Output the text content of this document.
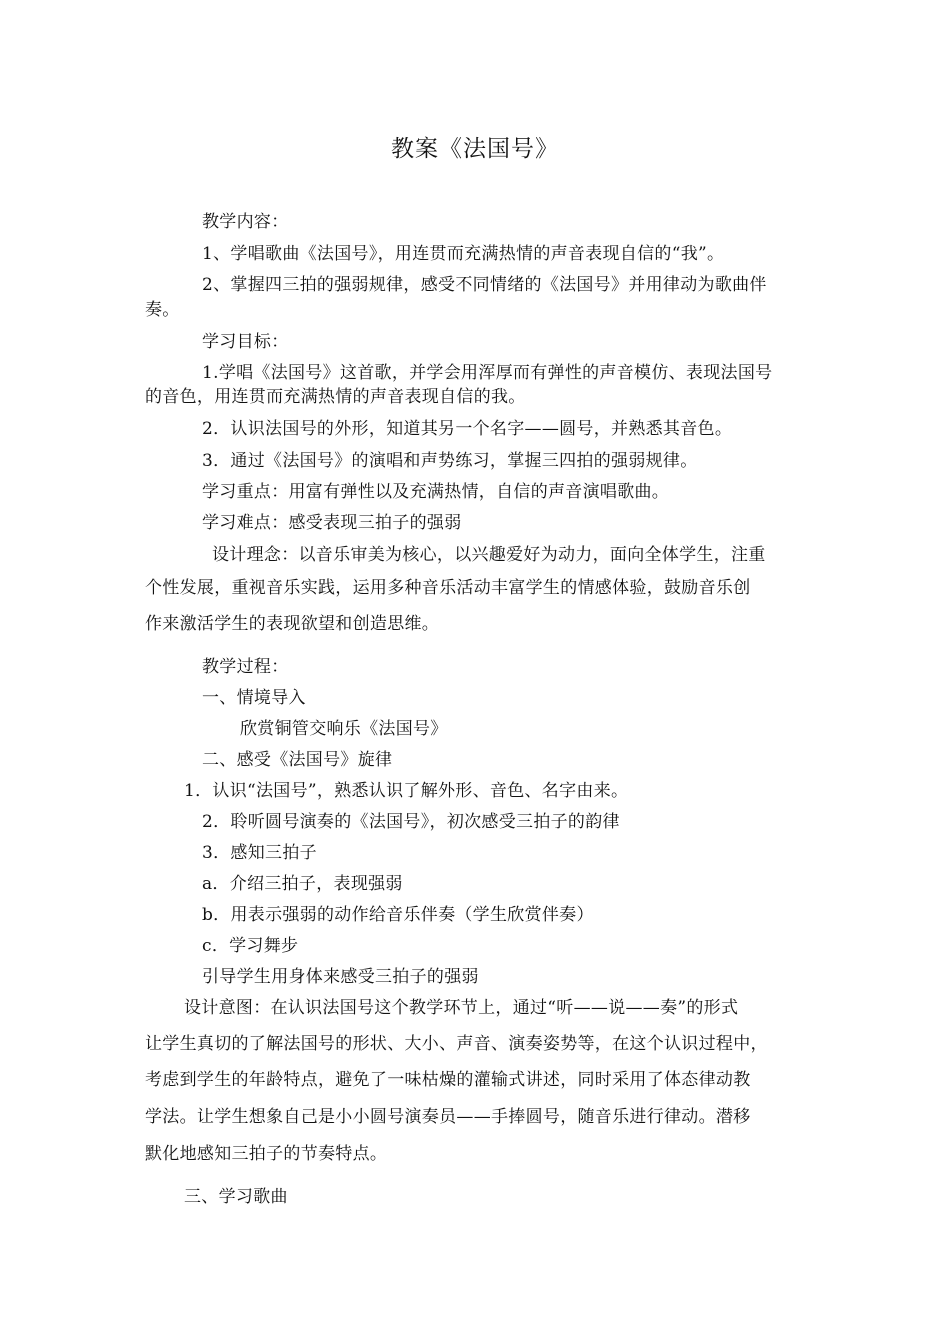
教案《法国号》
教学内容：
1、学唱歌曲《法国号》，用连贯而充满热情的声音表现自信的“我”。
2、掌握四三拍的强弱规律，感受不同情绪的《法国号》并用律动为歌曲伴
奏。
学习目标：
1.学唱《法国号》这首歌，并学会用浑厚而有弹性的声音模仿、表现法国号
的音色，用连贯而充满热情的声音表现自信的我。
2．认识法国号的外形，知道其另一个名字——圆号，并熟悉其音色。
3．通过《法国号》的演唱和声势练习，掌握三四拍的强弱规律。
学习重点：用富有弹性以及充满热情，自信的声音演唱歌曲。
学习难点：感受表现三拍子的强弱
设计理念：以音乐审美为核心，以兴趣爱好为动力，面向全体学生，注重
个性发展，重视音乐实践，运用多种音乐活动丰富学生的情感体验，鼓励音乐创
作来激活学生的表现欲望和创造思维。
教学过程：
一、情境导入
欣赏铜管交响乐《法国号》
二、感受《法国号》旋律
1．认识“法国号”，熟悉认识了解外形、音色、名字由来。
2．聆听圆号演奏的《法国号》，初次感受三拍子的韵律
3．感知三拍子
a．介绍三拍子，表现强弱
b．用表示强弱的动作给音乐伴奏（学生欣赏伴奏）
c．学习舞步
引导学生用身体来感受三拍子的强弱
设计意图：在认识法国号这个教学环节上，通过“听——说——奏”的形式
让学生真切的了解法国号的形状、大小、声音、演奏姿势等，在这个认识过程中，
考虑到学生的年龄特点，避免了一味枯燥的灌输式讲述，同时采用了体态律动教
学法。让学生想象自己是小小圆号演奏员——手捧圆号，随音乐进行律动。潜移
默化地感知三拍子的节奏特点。
三、学习歌曲
